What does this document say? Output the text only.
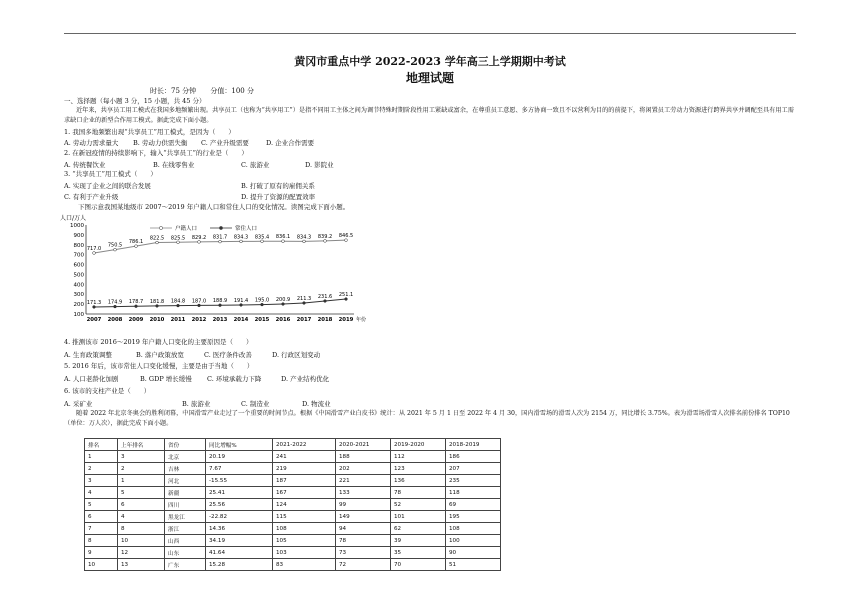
黄冈市重点中学 2022-2023 学年高三上学期期中考试
地理试题
时长：75 分钟 分值：100 分
一、选择题（每小题 3 分，15 小题，共 45 分）
近年来，共享员工用工模式在我国多地频繁出现。共享员工（也称为“共享用工”）是指不同用工主体之间为调节特殊时期阶段性用工紧缺或富余，在尊重员工意愿、多方协商一致且不以营利为目的的前提下，将闲置员工劳动力资源进行跨界共享并调配至具有用工需求缺口企业的新型合作用工模式。据此完成下面小题。
1. 我国多地频繁出现“共享员工”用工模式，是因为（　　）
A. 劳动力需求量大 B. 劳动力供需失衡 C. 产业升级需要	D. 企业合作需要
2. 在新冠疫情的持续影响下，输入“共享员工”的行业是（　　）
A. 传统餐饮业	B. 在线零售业	C. 旅游业	D. 影院业
3. “共享员工”用工模式（　　）
A. 实现了企业之间的联合发展	B. 打破了原有的雇佣关系
C. 有利于产业升级	D. 提升了资源的配置效率
下图示意我国某地级市 2007～2019 年户籍人口和常住人口的变化情况。读图完成下面小题。
人口/万人
1000
900
800
700
600
500
400
300
200
100
2007 2008 2009 2010 2011 2012 2013 2014 2015 2016 2017 2018 2019 年份
户籍人口	常住人口
717.0
750.5
786.1
822.5 825.5 829.2 831.7 834.3 835.4 836.1 834.3 839.2 846.5
171.3 174.9 178.7 181.8 184.8 187.0 188.9 191.4 195.0 200.9 211.3 231.6 251.1
4. 推测该市 2016～2019 年户籍人口变化的主要原因是（　　）
A. 生育政策调整	B. 落户政策放宽	C. 医疗条件改善	D. 行政区划变动
5. 2016 年后，该市常住人口变化缓慢，主要是由于当地（　　）
A. 人口老龄化加剧	B. GDP 增长缓慢 C. 环境承载力下降	D. 产业结构优化
6. 该市的支柱产业是（　　）
A. 采矿业	B. 旅游业	C. 制造业	D. 物流业
随着 2022 年北京冬奥会的胜利闭幕，中国滑雪产业走过了一个重要的时间节点。根据《中国滑雪产业白皮书》统计：从 2021 年 5 月 1 日至 2022 年 4 月 30，国内滑雪场的滑雪人次为 2154 万，同比增长 3.75%。表为滑雪场滑雪人次排名前份排名 TOP10（单位：万人次），据此完成下面小题。
排名	上年排名	省份	同比增幅%	2021-2022	2020-2021	2019-2020	2018-2019
1	3	北京	20.19	241	188	112	186
2	2	吉林	7.67	219	202	123	207
3	1	河北	-15.55	187	221	136	235
4	5	新疆	25.41	167	133	78	118
5	6	四川	25.56	124	99	52	69
6	4	黑龙江	-22.82	115	149	101	195
7	8	浙江	14.36	108	94	62	108
8	10	山西	34.19	105	78	39	100
9	12	山东	41.64	103	73	35	90
10	13	广东	15.28	83	72	70	51
